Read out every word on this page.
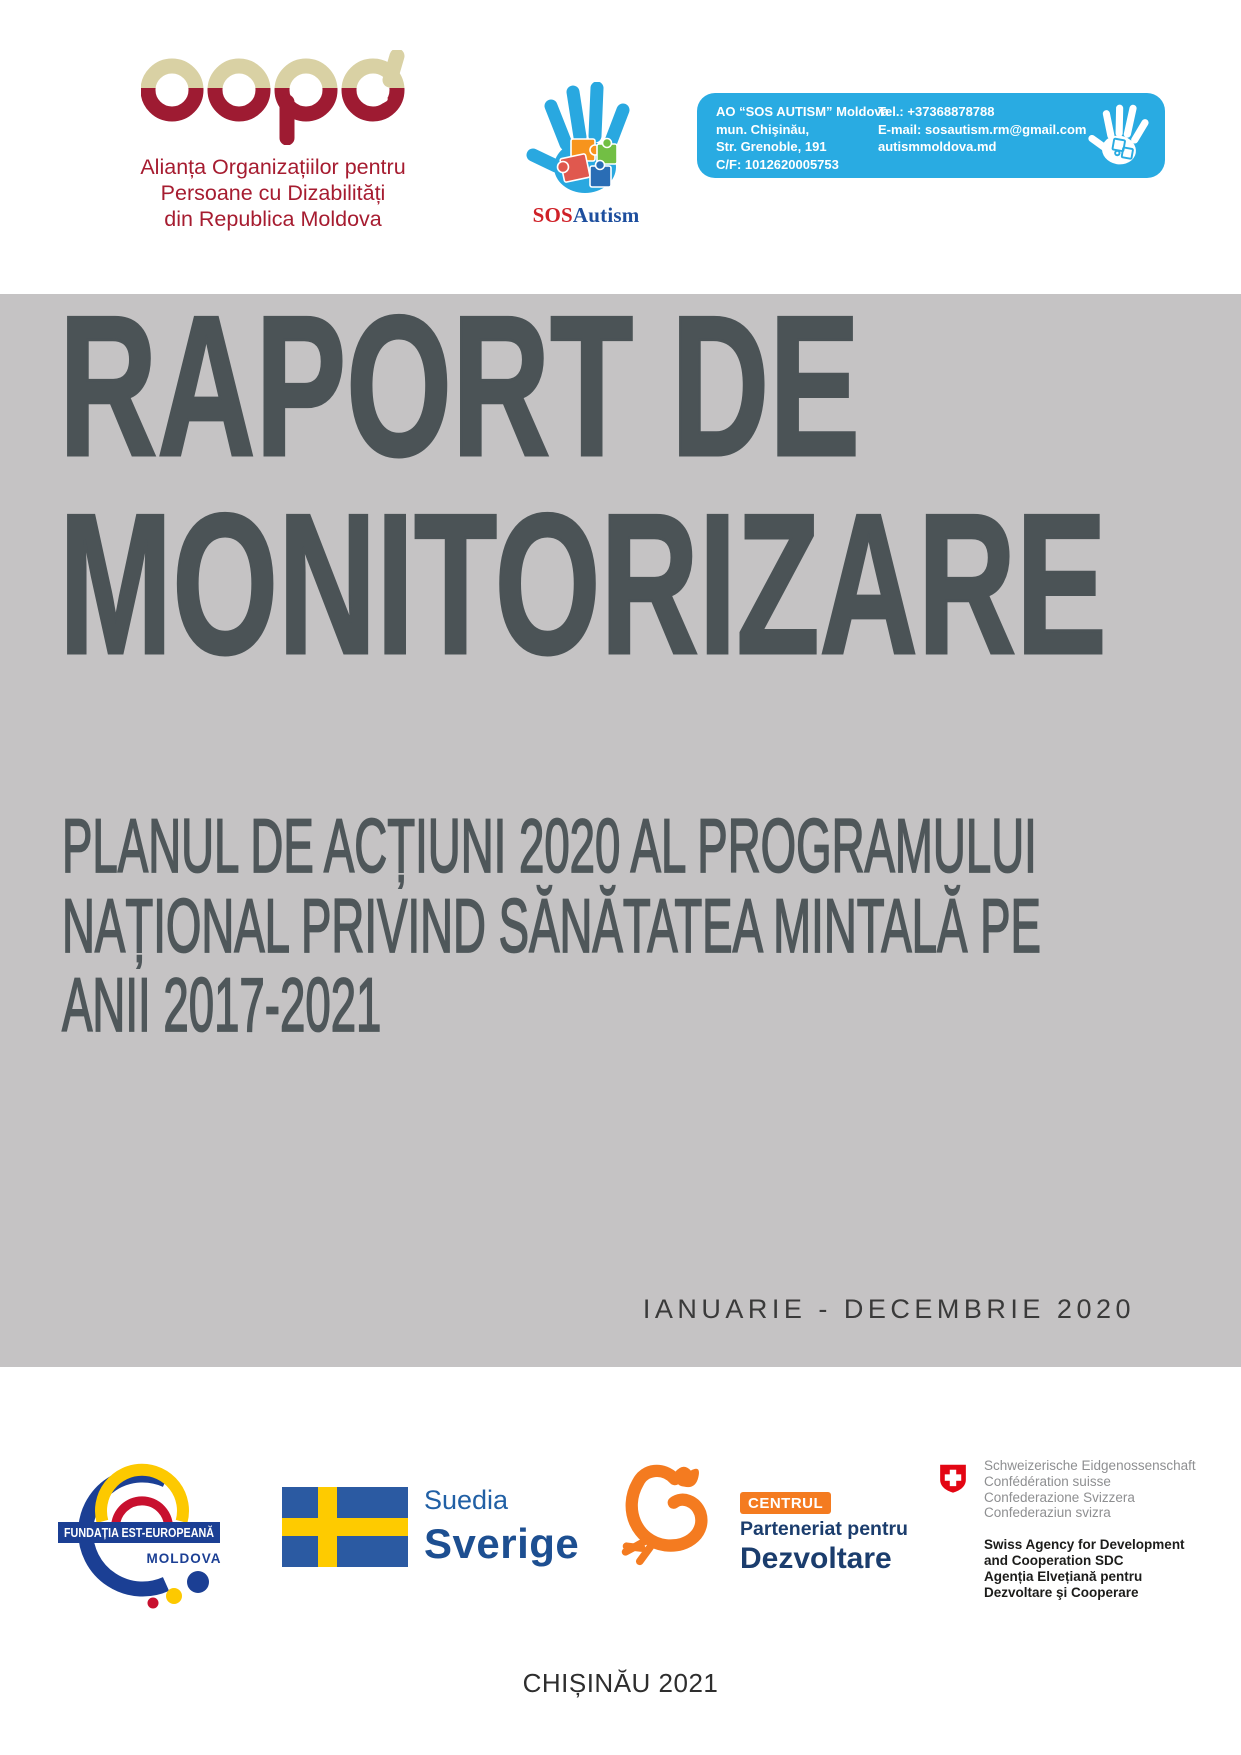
Alianța Organizațiilor pentru
Persoane cu Dizabilități
din Republica Moldova	SOSAutism
AO “SOS AUTISM” Moldova
mun. Chişinău,
Str. Grenoble, 191
C/F: 1012620005753
Tel.: +37368878788
E-mail: sosautism.rm@gmail.com
autismmoldova.md
RAPORT DE
MONITORIZARE
PLANUL DE ACȚIUNI 2020 AL PROGRAMULUI
NAȚIONAL PRIVIND SĂNĂTATEA MINTALĂ PE
ANII 2017-2021
IANUARIE - DECEMBRIE 2020
FUNDAȚIA EST-EUROPEANĂ
MOLDOVA
Suedia
Sverige
CENTRUL
Parteneriat pentru
Dezvoltare
Schweizerische Eidgenossenschaft
Confédération suisse
Confederazione Svizzera
Confederaziun svizra
Swiss Agency for Development
and Cooperation SDC
Agenția Elvețiană pentru
Dezvoltare şi Cooperare
CHIȘINĂU 2021
